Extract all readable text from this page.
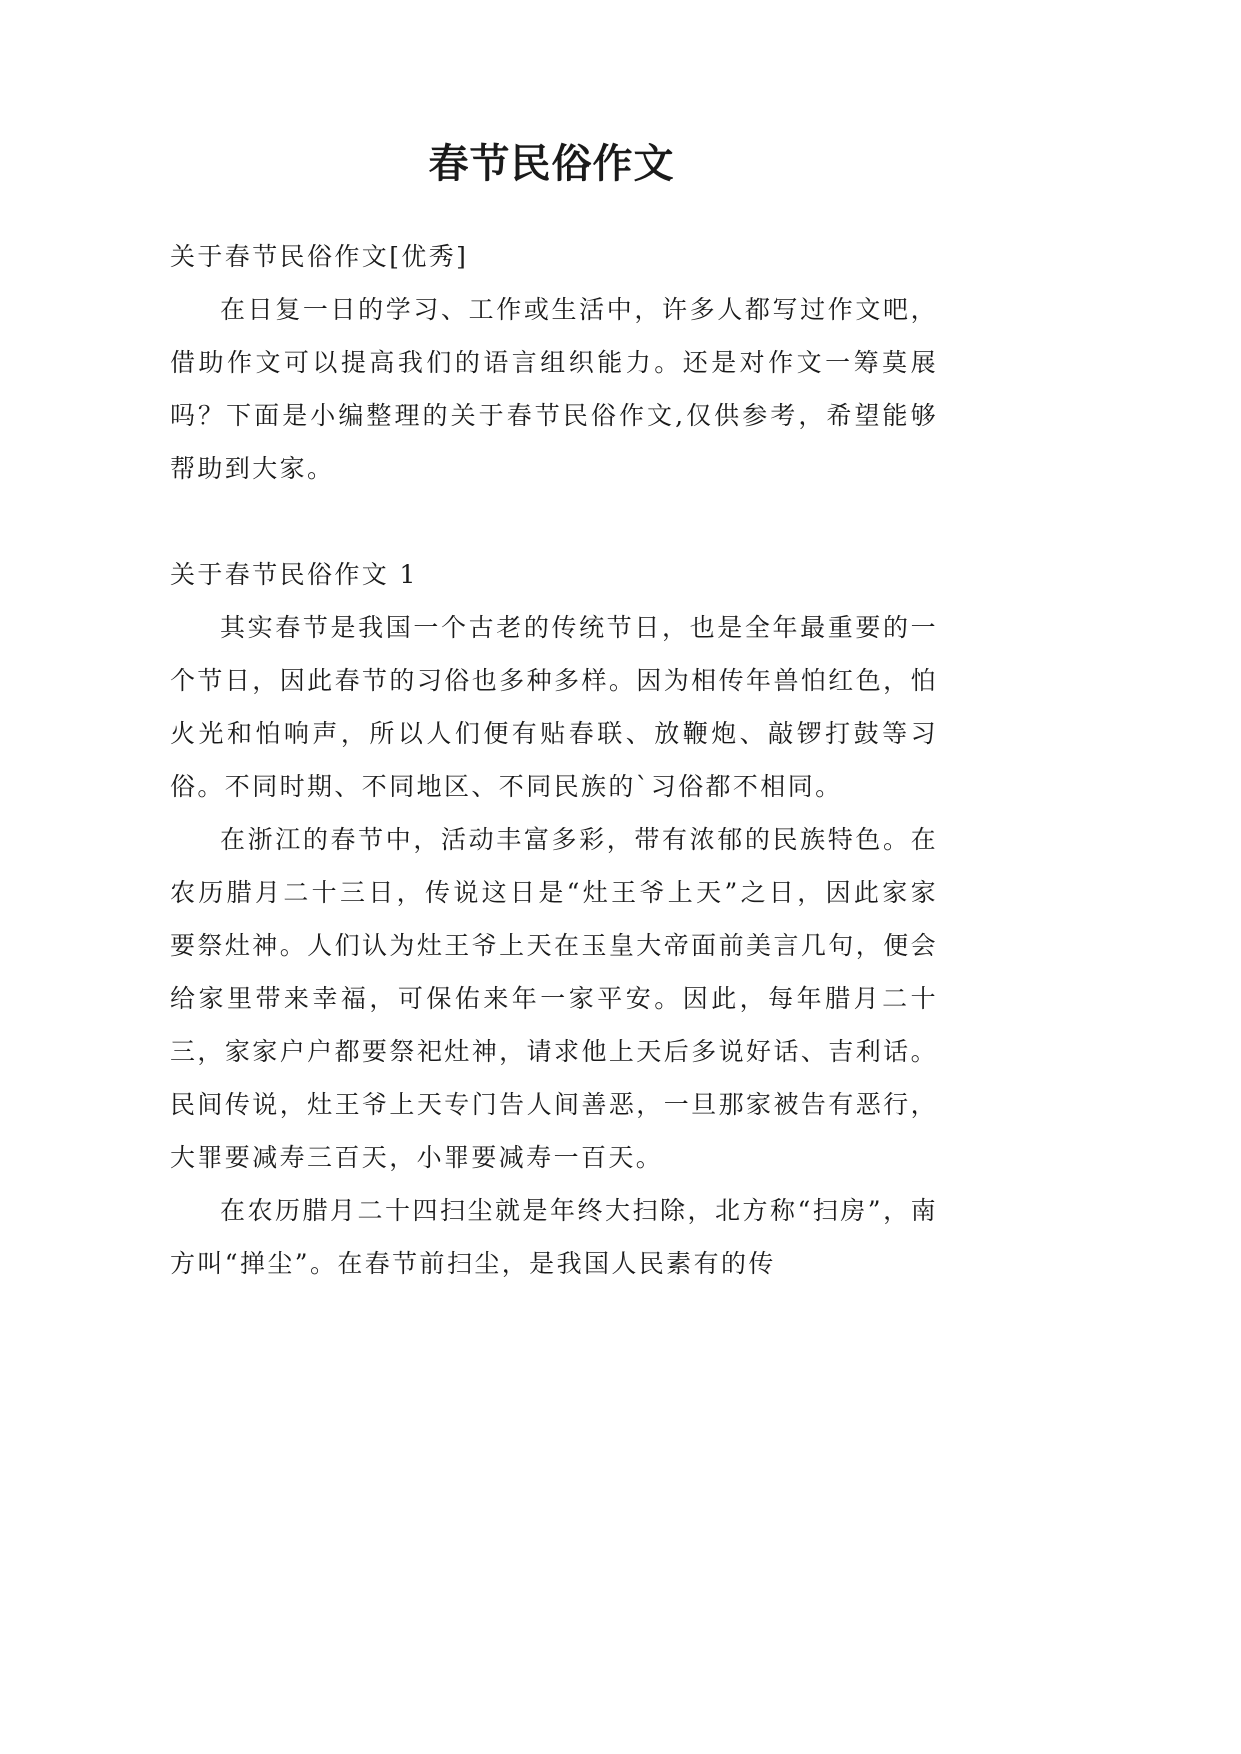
春节民俗作文

关于春节民俗作文[优秀]

在日复一日的学习、工作或生活中，许多人都写过作文吧，借助作文可以提高我们的语言组织能力。还是对作文一筹莫展吗？下面是小编整理的关于春节民俗作文,仅供参考，希望能够帮助到大家。

关于春节民俗作文 1

其实春节是我国一个古老的传统节日，也是全年最重要的一个节日，因此春节的习俗也多种多样。因为相传年兽怕红色，怕火光和怕响声，所以人们便有贴春联、放鞭炮、敲锣打鼓等习俗。不同时期、不同地区、不同民族的`习俗都不相同。

在浙江的春节中，活动丰富多彩，带有浓郁的民族特色。在农历腊月二十三日，传说这日是“灶王爷上天”之日，因此家家要祭灶神。人们认为灶王爷上天在玉皇大帝面前美言几句，便会给家里带来幸福，可保佑来年一家平安。因此，每年腊月二十三，家家户户都要祭祀灶神，请求他上天后多说好话、吉利话。民间传说，灶王爷上天专门告人间善恶，一旦那家被告有恶行，大罪要减寿三百天，小罪要减寿一百天。

在农历腊月二十四扫尘就是年终大扫除，北方称“扫房”，南方叫“掸尘”。在春节前扫尘，是我国人民素有的传
